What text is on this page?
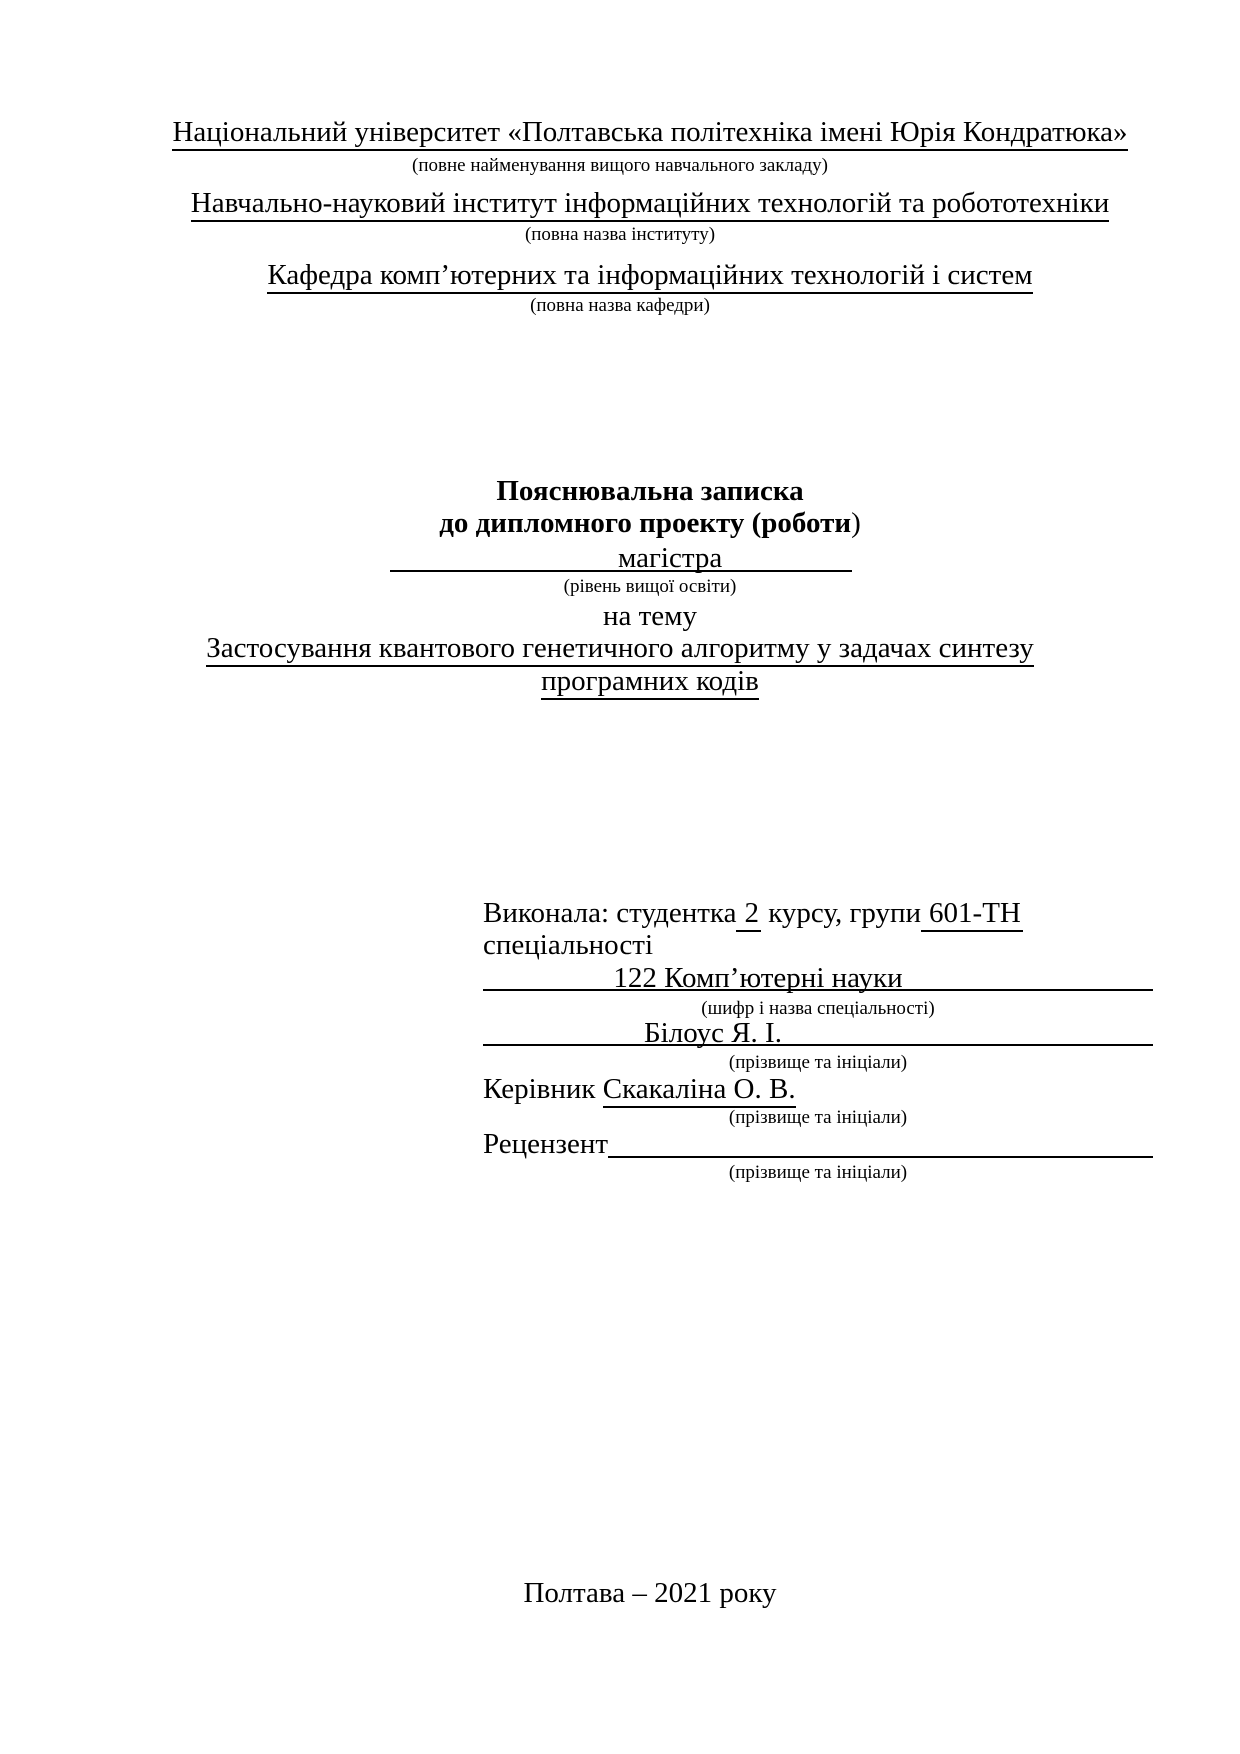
Національний університет «Полтавська політехніка імені Юрія Кондратюка»
(повне найменування вищого навчального закладу)
Навчально-науковий інститут інформаційних технологій та робототехніки
(повна назва інституту)
Кафедра комп’ютерних та інформаційних технологій і систем
(повна назва кафедри)
Пояснювальна записка
до дипломного проекту (роботи)
магістра
(рівень вищої освіти)
на тему
Застосування квантового генетичного алгоритму у задачах синтезу
програмних кодів
Виконала: студентка 2 курсу, групи 601-ТН
спеціальності
122 Комп’ютерні науки
(шифр і назва спеціальності)
Білоус Я. І.
(прізвище та ініціали)
Керівник Скакаліна О. В.
(прізвище та ініціали)
Рецензент
(прізвище та ініціали)
Полтава – 2021 року
